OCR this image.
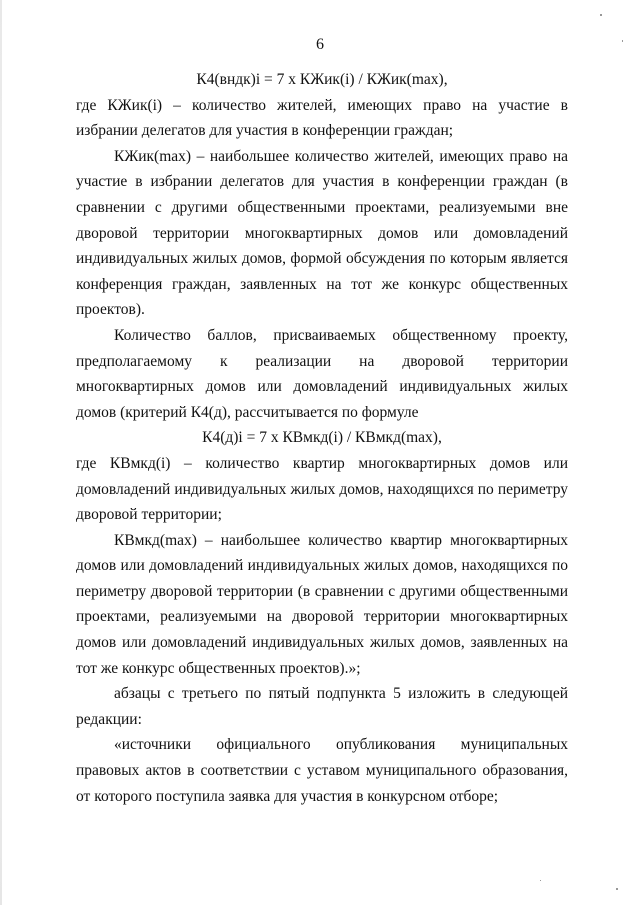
6

К4(вндк)i = 7 х КЖик(i) / КЖик(max),

где КЖик(i) – количество жителей, имеющих право на участие в избрании делегатов для участия в конференции граждан;

КЖик(max) – наибольшее количество жителей, имеющих право на участие в избрании делегатов для участия в конференции граждан (в сравнении с другими общественными проектами, реализуемыми вне дворовой территории многоквартирных домов или домовладений индивидуальных жилых домов, формой обсуждения по которым является конференция граждан, заявленных на тот же конкурс общественных проектов).

Количество баллов, присваиваемых общественному проекту, предполагаемому к реализации на дворовой территории многоквартирных домов или домовладений индивидуальных жилых домов (критерий К4(д), рассчитывается по формуле

К4(д)i = 7 х КВмкд(i) / КВмкд(max),

где КВмкд(i) – количество квартир многоквартирных домов или домовладений индивидуальных жилых домов, находящихся по периметру дворовой территории;

КВмкд(max) – наибольшее количество квартир многоквартирных домов или домовладений индивидуальных жилых домов, находящихся по периметру дворовой территории (в сравнении с другими общественными проектами, реализуемыми на дворовой территории многоквартирных домов или домовладений индивидуальных жилых домов, заявленных на тот же конкурс общественных проектов).»;

абзацы с третьего по пятый подпункта 5 изложить в следующей редакции:

«источники официального опубликования муниципальных правовых актов в соответствии с уставом муниципального образования, от которого поступила заявка для участия в конкурсном отборе;
